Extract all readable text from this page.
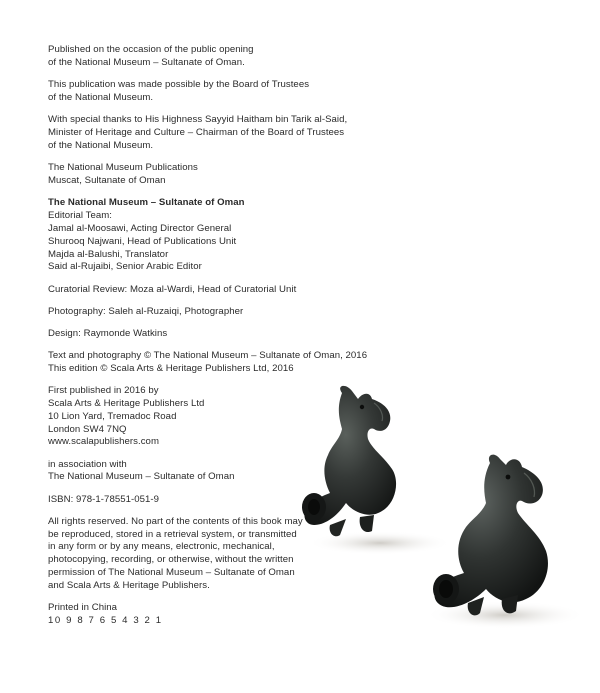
Published on the occasion of the public opening
of the National Museum – Sultanate of Oman.
This publication was made possible by the Board of Trustees
of the National Museum.
With special thanks to His Highness Sayyid Haitham bin Tarik al-Said,
Minister of Heritage and Culture – Chairman of the Board of Trustees
of the National Museum.
The National Museum Publications
Muscat, Sultanate of Oman
The National Museum – Sultanate of Oman
Editorial Team:
Jamal al-Moosawi, Acting Director General
Shurooq Najwani, Head of Publications Unit
Majda al-Balushi, Translator
Said al-Rujaibi, Senior Arabic Editor
Curatorial Review: Moza al-Wardi, Head of Curatorial Unit
Photography: Saleh al-Ruzaiqi, Photographer
Design: Raymonde Watkins
Text and photography © The National Museum – Sultanate of Oman, 2016
This edition © Scala Arts & Heritage Publishers Ltd, 2016
First published in 2016 by
Scala Arts & Heritage Publishers Ltd
10 Lion Yard, Tremadoc Road
London SW4 7NQ
www.scalapublishers.com
in association with
The National Museum – Sultanate of Oman
ISBN: 978-1-78551-051-9
All rights reserved. No part of the contents of this book may
be reproduced, stored in a retrieval system, or transmitted
in any form or by any means, electronic, mechanical,
photocopying, recording, or otherwise, without the written
permission of The National Museum – Sultanate of Oman
and Scala Arts & Heritage Publishers.
Printed in China
10 9 8 7 6 5 4 3 2 1
